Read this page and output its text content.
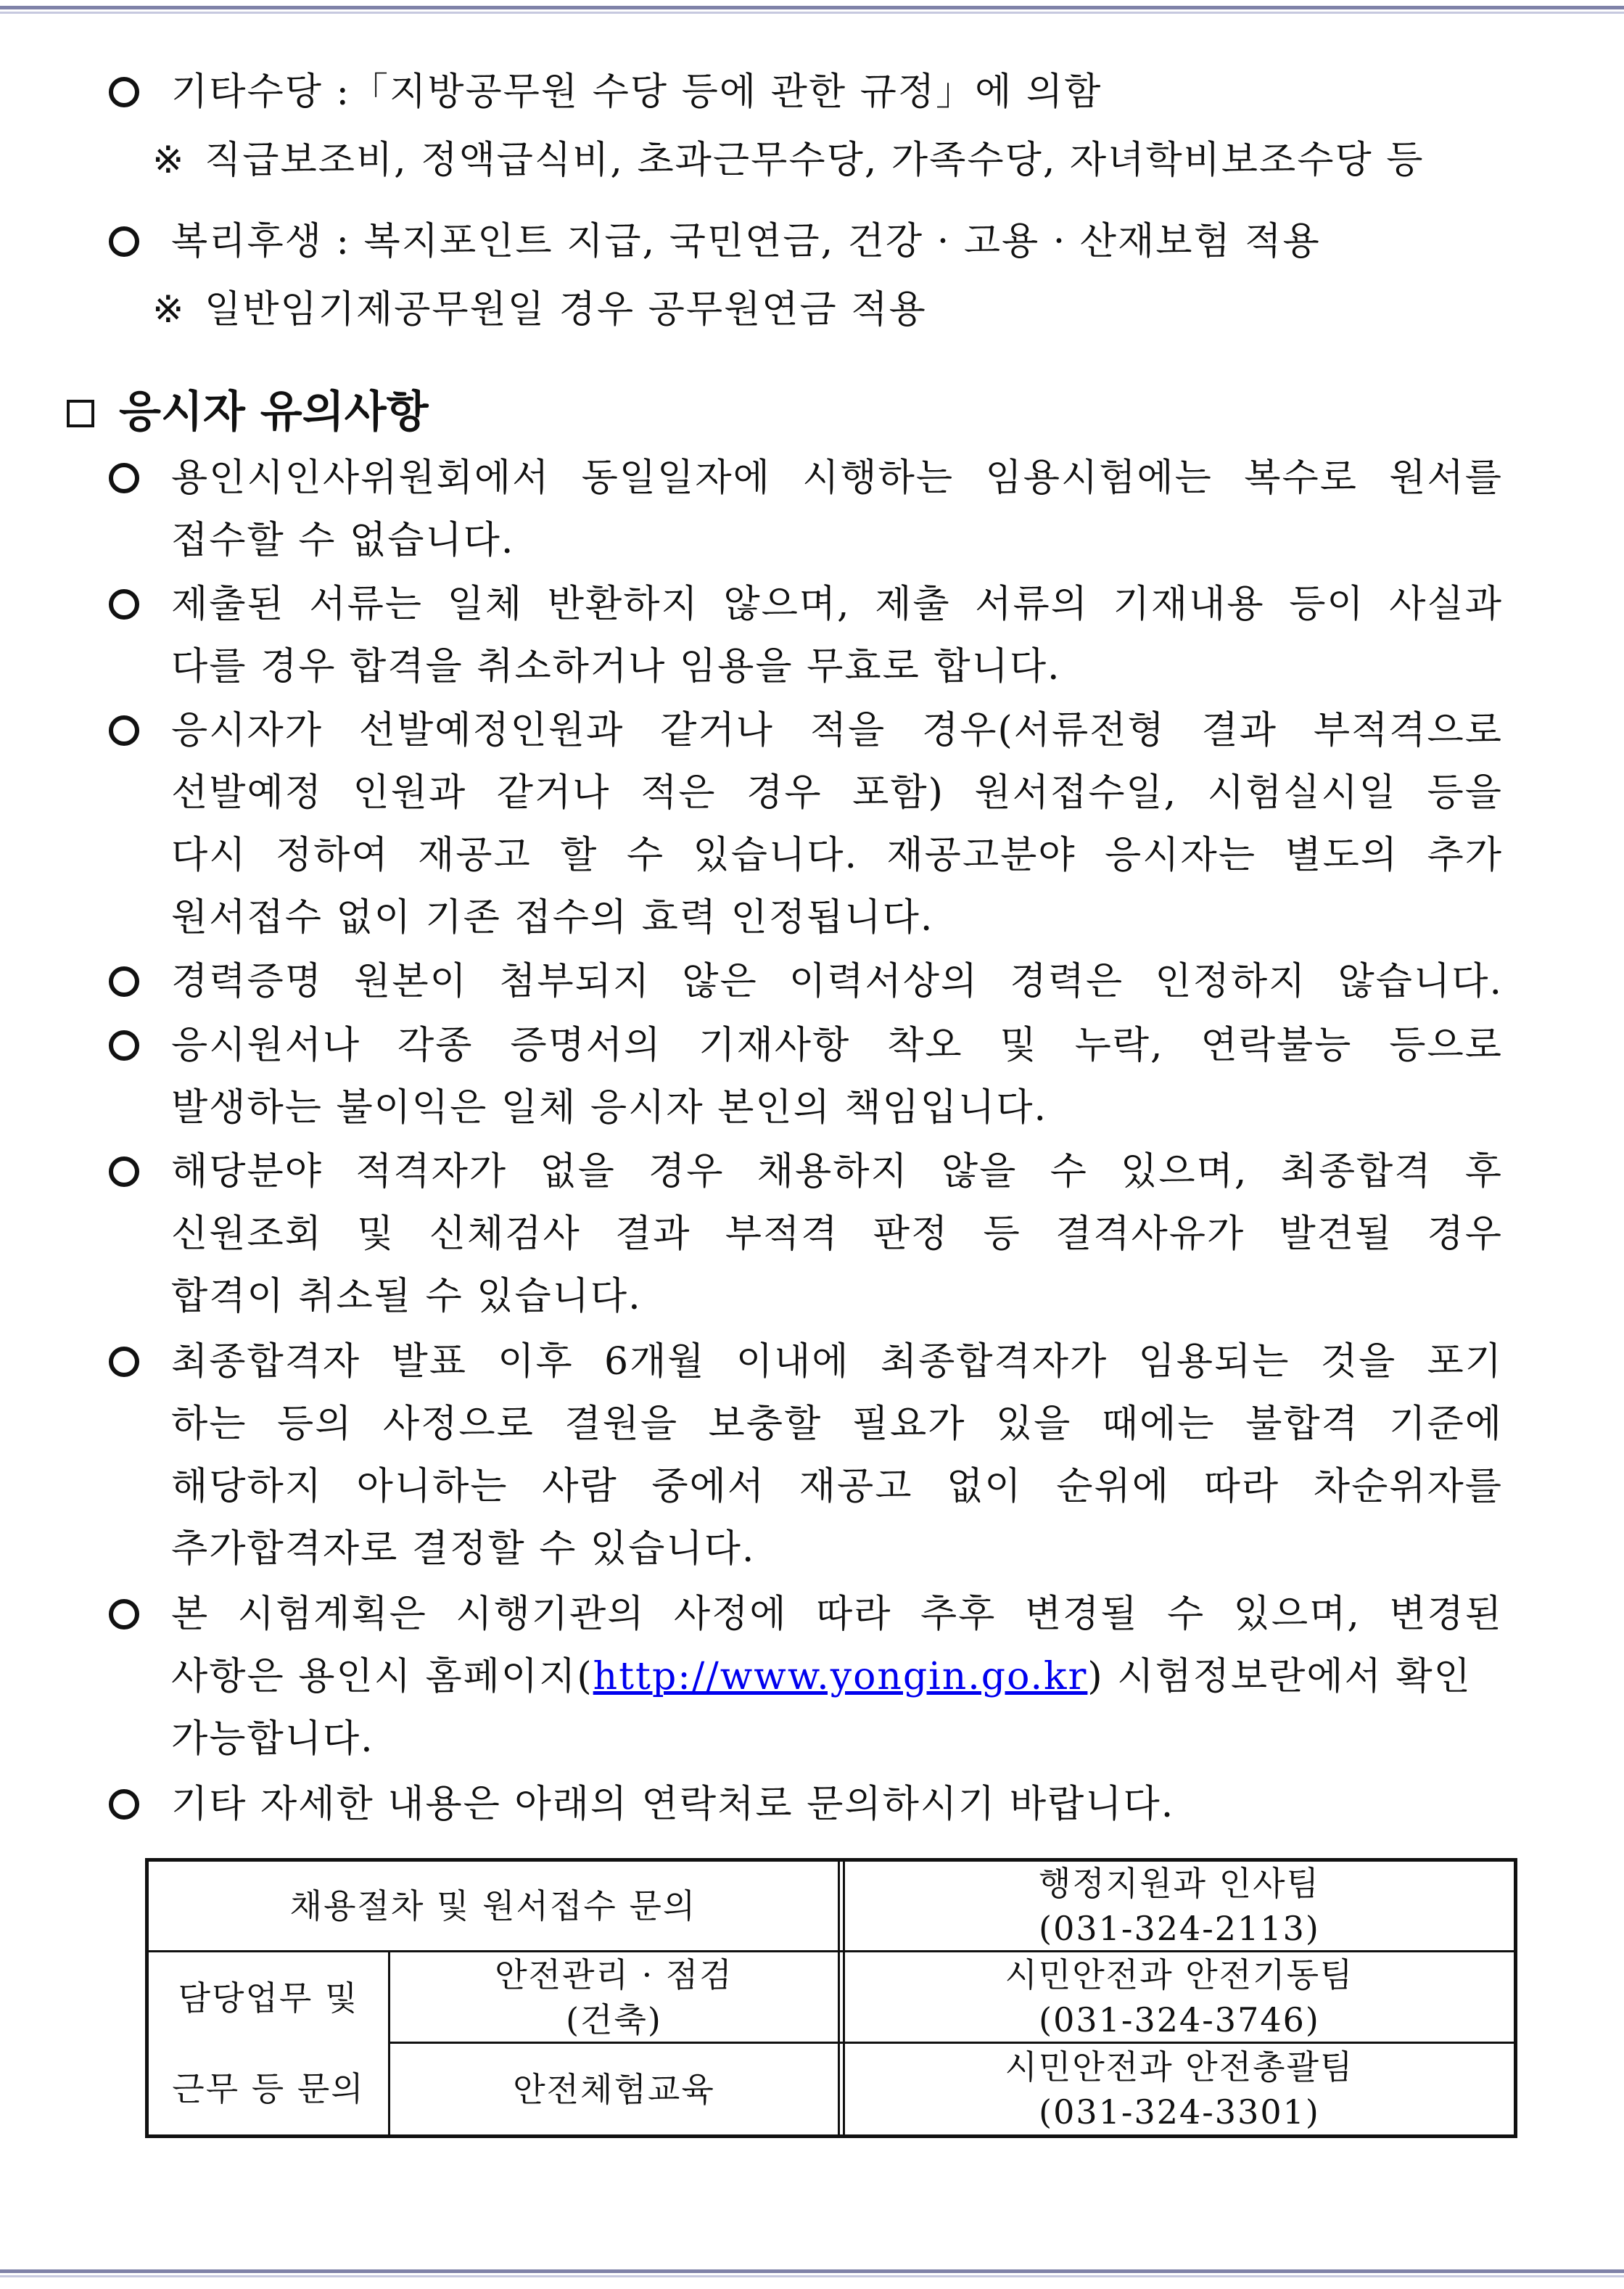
기타수당 :「지방공무원 수당 등에 관한 규정」에 의함
※ 직급보조비, 정액급식비, 초과근무수당, 가족수당, 자녀학비보조수당 등
복리후생 : 복지포인트 지급, 국민연금, 건강 · 고용 · 산재보험 적용
※ 일반임기제공무원일 경우 공무원연금 적용
응시자 유의사항
용인시인사위원회에서 동일일자에 시행하는 임용시험에는 복수로 원서를
접수할 수 없습니다.
제출된 서류는 일체 반환하지 않으며, 제출 서류의 기재내용 등이 사실과
다를 경우 합격을 취소하거나 임용을 무효로 합니다.
응시자가 선발예정인원과 같거나 적을 경우(서류전형 결과 부적격으로
선발예정 인원과 같거나 적은 경우 포함) 원서접수일, 시험실시일 등을
다시 정하여 재공고 할 수 있습니다. 재공고분야 응시자는 별도의 추가
원서접수 없이 기존 접수의 효력 인정됩니다.
경력증명 원본이 첨부되지 않은 이력서상의 경력은 인정하지 않습니다.
응시원서나 각종 증명서의 기재사항 착오 및 누락, 연락불능 등으로
발생하는 불이익은 일체 응시자 본인의 책임입니다.
해당분야 적격자가 없을 경우 채용하지 않을 수 있으며, 최종합격 후
신원조회 및 신체검사 결과 부적격 판정 등 결격사유가 발견될 경우
합격이 취소될 수 있습니다.
최종합격자 발표 이후 6개월 이내에 최종합격자가 임용되는 것을 포기
하는 등의 사정으로 결원을 보충할 필요가 있을 때에는 불합격 기준에
해당하지 아니하는 사람 중에서 재공고 없이 순위에 따라 차순위자를
추가합격자로 결정할 수 있습니다.
본 시험계획은 시행기관의 사정에 따라 추후 변경될 수 있으며, 변경된
사항은 용인시 홈페이지(http://www.yongin.go.kr) 시험정보란에서 확인
가능합니다.
기타 자세한 내용은 아래의 연락처로 문의하시기 바랍니다.
채용절차 및 원서접수 문의
행정지원과 인사팀
(031-324-2113)
담당업무 및
근무 등 문의
안전관리 · 점검
(건축)
시민안전과 안전기동팀
(031-324-3746)
안전체험교육
시민안전과 안전총괄팀
(031-324-3301)
